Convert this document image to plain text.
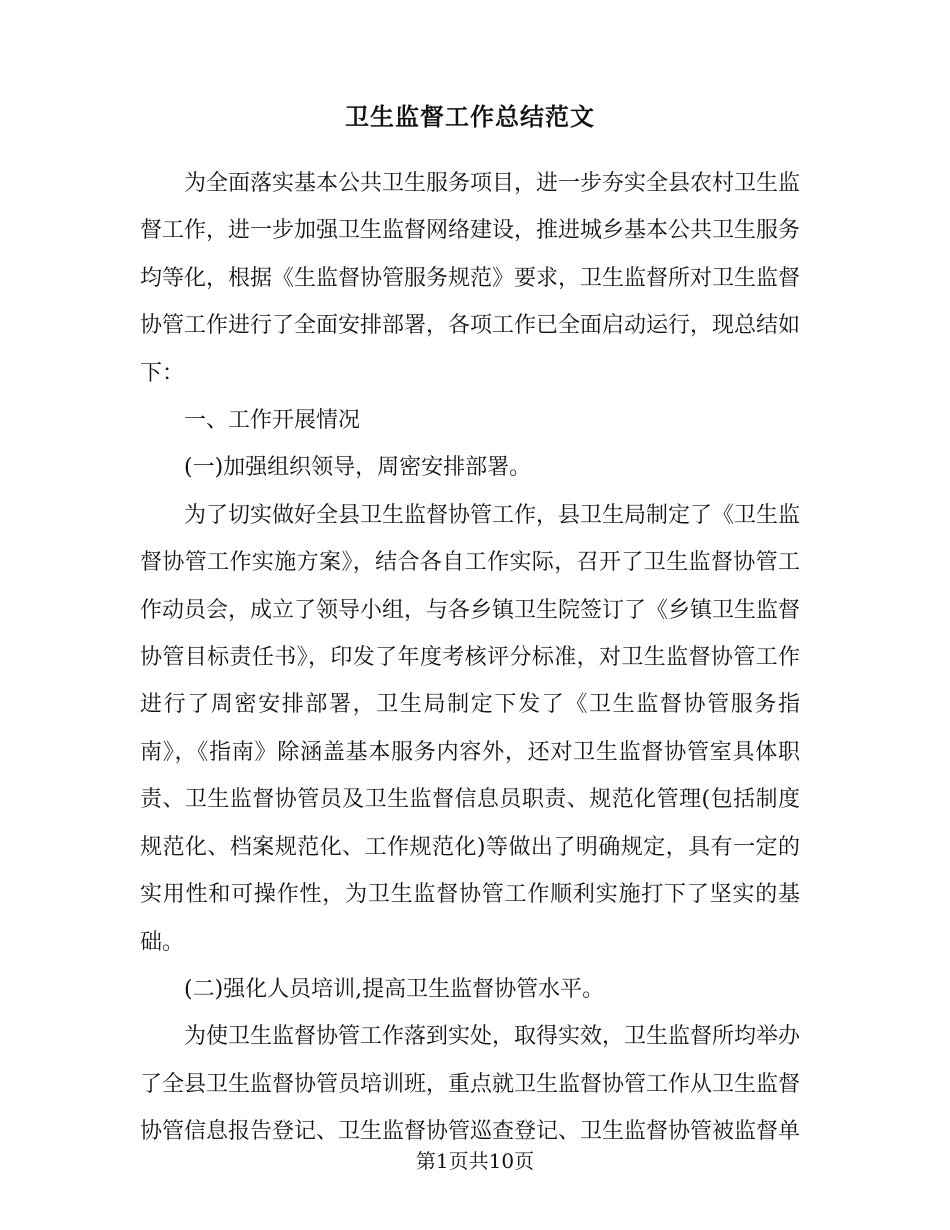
卫生监督工作总结范文

为全面落实基本公共卫生服务项目，进一步夯实全县农村卫生监督工作，进一步加强卫生监督网络建设，推进城乡基本公共卫生服务均等化，根据《生监督协管服务规范》要求，卫生监督所对卫生监督协管工作进行了全面安排部署，各项工作已全面启动运行，现总结如下：

一、工作开展情况

(一)加强组织领导，周密安排部署。

为了切实做好全县卫生监督协管工作，县卫生局制定了《卫生监督协管工作实施方案》，结合各自工作实际，召开了卫生监督协管工作动员会，成立了领导小组，与各乡镇卫生院签订了《乡镇卫生监督协管目标责任书》，印发了年度考核评分标准，对卫生监督协管工作进行了周密安排部署，卫生局制定下发了《卫生监督协管服务指南》，《指南》除涵盖基本服务内容外，还对卫生监督协管室具体职责、卫生监督协管员及卫生监督信息员职责、规范化管理(包括制度规范化、档案规范化、工作规范化)等做出了明确规定，具有一定的实用性和可操作性，为卫生监督协管工作顺利实施打下了坚实的基础。

(二)强化人员培训,提高卫生监督协管水平。

为使卫生监督协管工作落到实处，取得实效，卫生监督所均举办了全县卫生监督协管员培训班，重点就卫生监督协管工作从卫生监督协管信息报告登记、卫生监督协管巡查登记、卫生监督协管被监督单

第1页共10页
